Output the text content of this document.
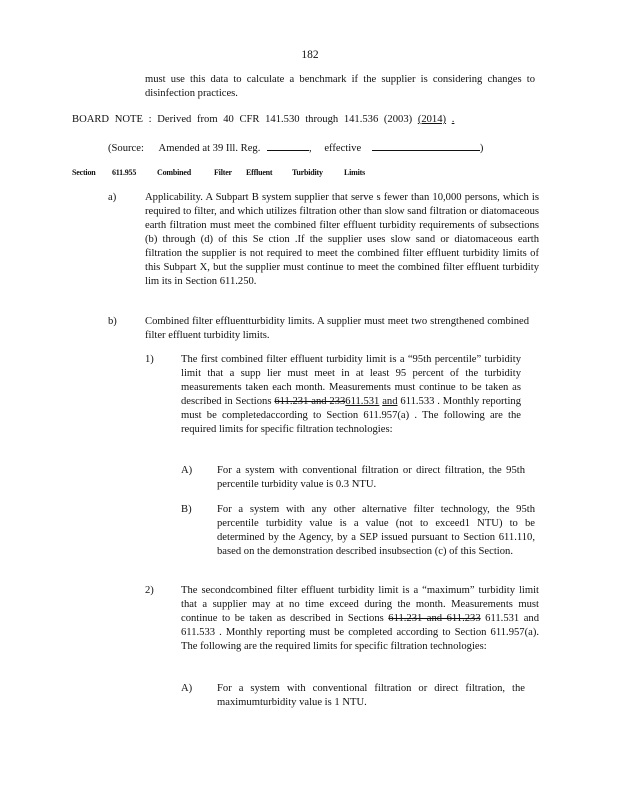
182
must use this data to calculate a benchmark if the supplier is considering changes to disinfection practices.
BOARD NOTE : Derived from 40 CFR 141.530 through 141.536 (2003) (2014) .
(Source: Amended at 39 Ill. Reg.	, effective	)
Section 611.955	Combined	Filter Effluent Turbidity	Limits
a)	Applicability. A Subpart B system supplier that serve s fewer than 10,000 persons, which is required to filter, and which utilizes filtration other than slow sand filtration or diatomaceous earth filtration must meet the combined filter effluent turbidity requirements of subsections (b) through (d) of this Se ction .If the supplier uses slow sand or diatomaceous earth filtration the supplier is not required to meet the combined filter effluent turbidity limits of this Subpart X, but the supplier must continue to meet the combined filter effluent turbidity lim its in Section 611.250.
b)	Combined filter effluentturbidity limits. A supplier must meet two strengthened combined filter effluent turbidity limits.
1)	The first combined filter effluent turbidity limit is a “95th percentile” turbidity limit that a supp lier must meet in at least 95 percent of the turbidity measurements taken each month. Measurements must continue to be taken as described in Sections 611.231 and 233611.531 and 611.533 . Monthly reporting must be completedaccording to Section 611.957(a) . The following are the required limits for specific filtration technologies:
A) For a system with conventional filtration or direct filtration, the 95th percentile turbidity value is 0.3 NTU.
B) For a system with any other alternative filter technology, the 95th percentile turbidity value is a value (not to exceed1 NTU) to be determined by the Agency, by a SEP issued pursuant to Section 611.110, based on the demonstration described insubsection (c) of this Section.
2)	The secondcombined filter effluent turbidity limit is a “maximum” turbidity limit that a supplier may at no time exceed during the month. Measurements must continue to be taken as described in Sections 611.231 and 611.233 611.531 and 611.533 . Monthly reporting must be completed according to Section 611.957(a). The following are the required limits for specific filtration technologies:
A) For a system with conventional filtration or direct filtration, the maximumturbidity value is 1 NTU.
